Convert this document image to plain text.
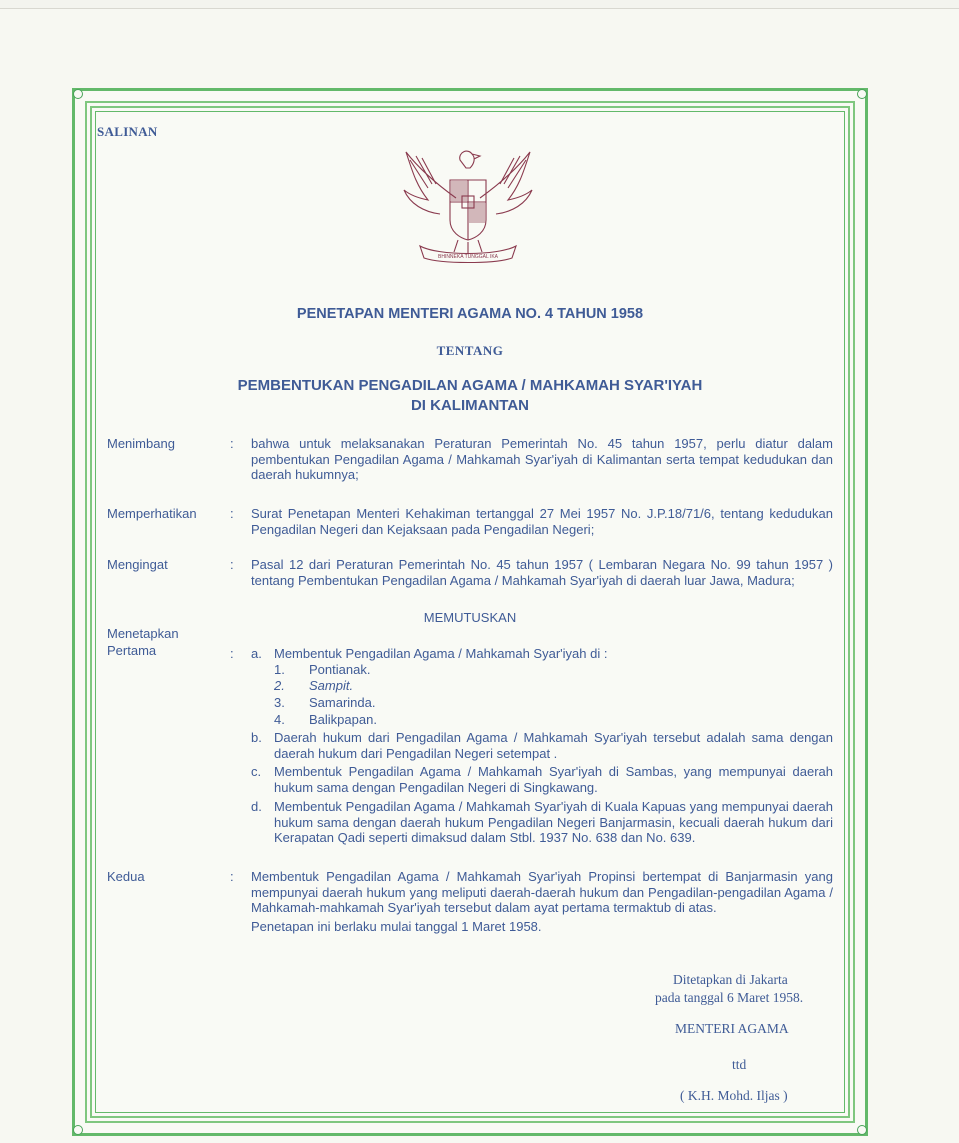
SALINAN
BHINNEKA TUNGGAL IKA
PENETAPAN MENTERI AGAMA NO. 4 TAHUN 1958
TENTANG
PEMBENTUKAN PENGADILAN AGAMA / MAHKAMAH SYAR'IYAH
DI KALIMANTAN
Menimbang	: bahwa untuk melaksanakan Peraturan Pemerintah No. 45 tahun 1957, perlu diatur dalam pembentukan Pengadilan Agama / Mahkamah Syar'iyah di Kalimantan serta tempat kedudukan dan daerah hukumnya;
Memperhatikan	: Surat Penetapan Menteri Kehakiman tertanggal 27 Mei 1957 No. J.P.18/71/6, tentang kedudukan Pengadilan Negeri dan Kejaksaan pada Pengadilan Negeri;
Mengingat	: Pasal 12 dari Peraturan Pemerintah No. 45 tahun 1957 ( Lembaran Negara No. 99 tahun 1957 ) tentang Pembentukan Pengadilan Agama / Mahkamah Syar'iyah di daerah luar Jawa, Madura;
MEMUTUSKAN
Menetapkan
Pertama	: a. Membentuk Pengadilan Agama / Mahkamah Syar'iyah di :
1. Pontianak.
2. Sampit.
3. Samarinda.
4. Balikpapan.
b. Daerah hukum dari Pengadilan Agama / Mahkamah Syar'iyah tersebut adalah sama dengan daerah hukum dari Pengadilan Negeri setempat .
c. Membentuk Pengadilan Agama / Mahkamah Syar'iyah di Sambas, yang mempunyai daerah hukum sama dengan Pengadilan Negeri di Singkawang.
d. Membentuk Pengadilan Agama / Mahkamah Syar'iyah di Kuala Kapuas yang mempunyai daerah hukum sama dengan daerah hukum Pengadilan Negeri Banjarmasin, kecuali daerah hukum dari Kerapatan Qadi seperti dimaksud dalam Stbl. 1937 No. 638 dan No. 639.
Kedua	: Membentuk Pengadilan Agama / Mahkamah Syar'iyah Propinsi bertempat di Banjarmasin yang mempunyai daerah hukum yang meliputi daerah-daerah hukum dan Pengadilan-pengadilan Agama / Mahkamah-mahkamah Syar'iyah tersebut dalam ayat pertama termaktub di atas.
Penetapan ini berlaku mulai tanggal 1 Maret 1958.
Ditetapkan di Jakarta
pada tanggal 6 Maret 1958.
MENTERI AGAMA
ttd
( K.H. Mohd. Iljas )
